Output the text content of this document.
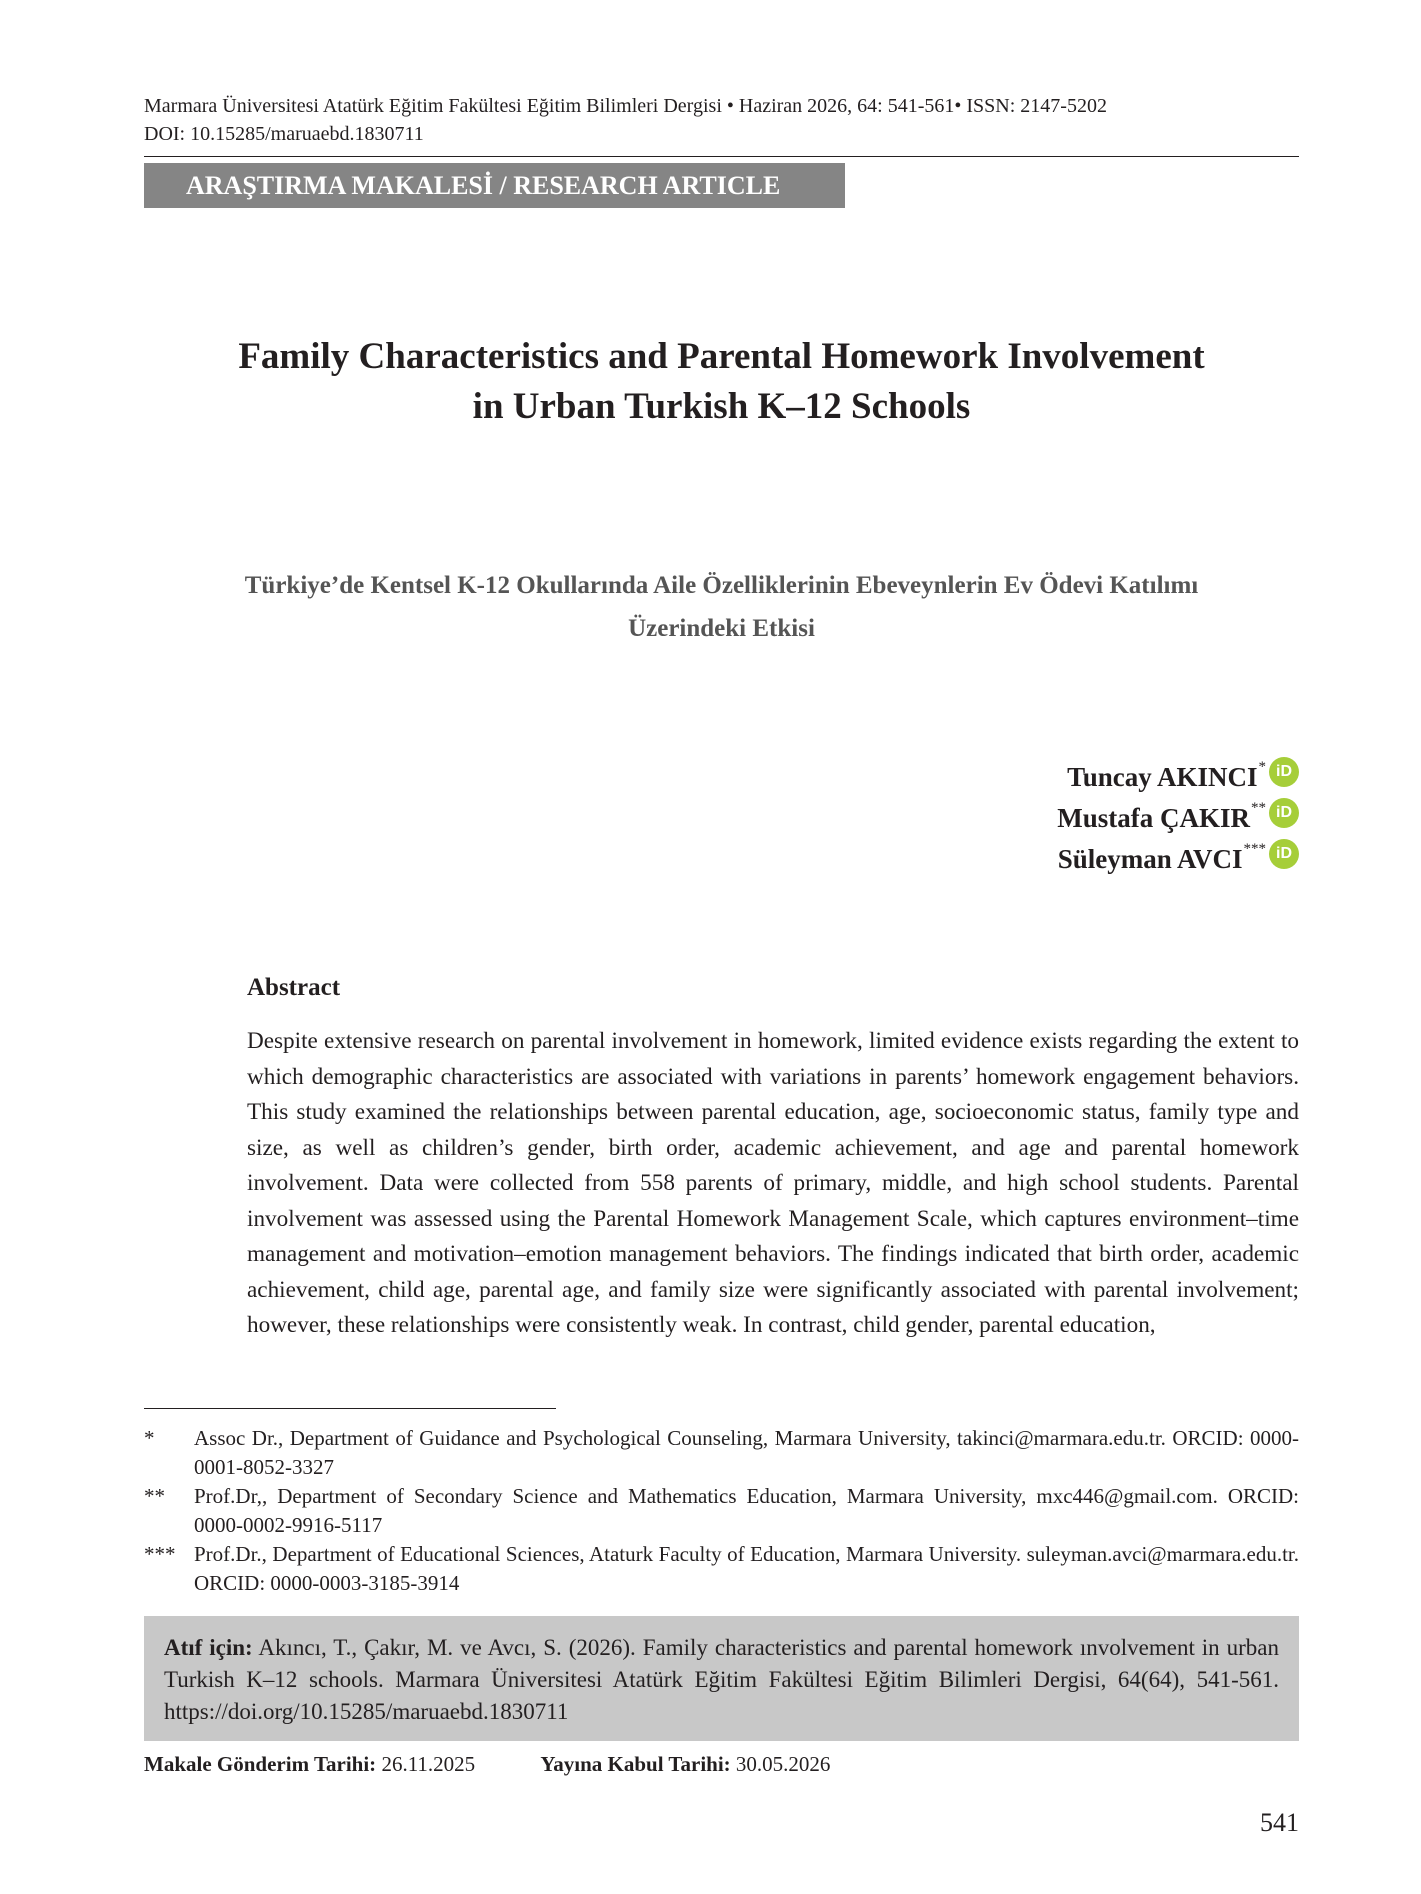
Marmara Üniversitesi Atatürk Eğitim Fakültesi Eğitim Bilimleri Dergisi • Haziran 2026, 64: 541-561• ISSN: 2147-5202
DOI: 10.15285/maruaebd.1830711
ARAŞTIRMA MAKALESİ / RESEARCH ARTICLE
Family Characteristics and Parental Homework Involvement
in Urban Turkish K–12 Schools
Türkiye’de Kentsel K-12 Okullarında Aile Özelliklerinin Ebeveynlerin Ev Ödevi Katılımı
Üzerindeki Etkisi
Tuncay AKINCI* iD
Mustafa ÇAKIR** iD
Süleyman AVCI*** iD
Abstract
Despite extensive research on parental involvement in homework, limited evidence exists regarding the extent to which demographic characteristics are associated with variations in parents’ homework engagement behaviors. This study examined the relationships between parental education, age, socioeconomic status, family type and size, as well as children’s gender, birth order, academic achievement, and age and parental homework involvement. Data were collected from 558 parents of primary, middle, and high school students. Parental involvement was assessed using the Parental Homework Management Scale, which captures environment–time management and motivation–emotion management behaviors. The findings indicated that birth order, academic achievement, child age, parental age, and family size were significantly associated with parental involvement; however, these relationships were consistently weak. In contrast, child gender, parental education,
*	Assoc Dr., Department of Guidance and Psychological Counseling, Marmara University, takinci@marmara.edu.tr. ORCID: 0000-0001-8052-3327
**	Prof.Dr,, Department of Secondary Science and Mathematics Education, Marmara University, mxc446@gmail.com. ORCID: 0000-0002-9916-5117
*** Prof.Dr., Department of Educational Sciences, Ataturk Faculty of Education, Marmara University. suleyman.avci@marmara.edu.tr. ORCID: 0000-0003-3185-3914
Atıf için: Akıncı, T., Çakır, M. ve Avcı, S. (2026). Family characteristics and parental homework ınvolvement in urban Turkish K–12 schools. Marmara Üniversitesi Atatürk Eğitim Fakültesi Eğitim Bilimleri Dergisi, 64(64), 541-561. https://doi.org/10.15285/maruaebd.1830711
Makale Gönderim Tarihi: 26.11.2025	Yayına Kabul Tarihi: 30.05.2026
541
